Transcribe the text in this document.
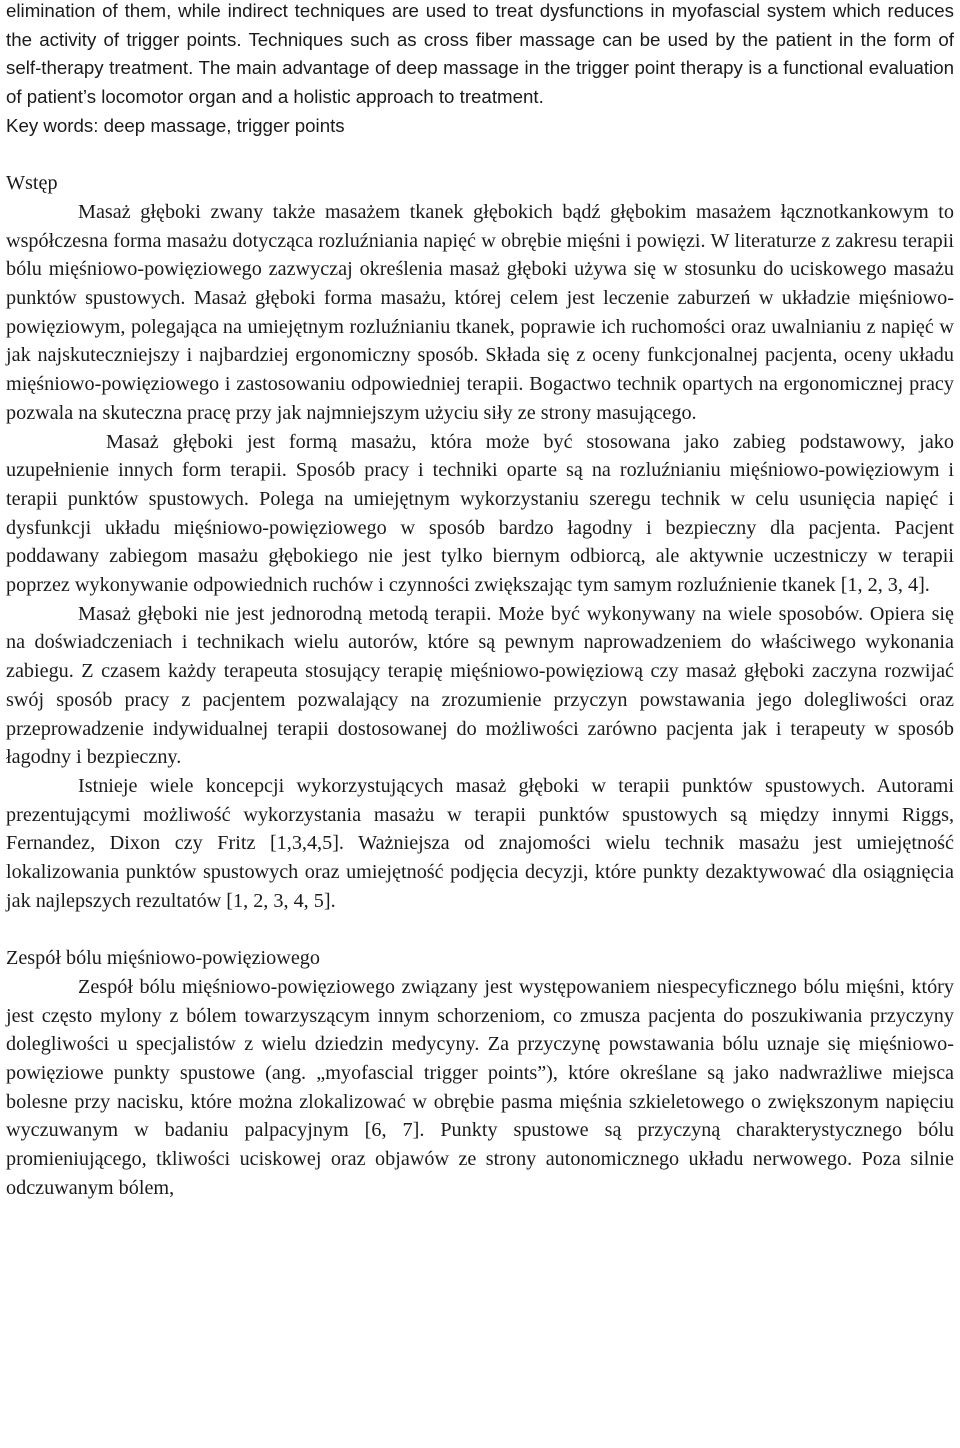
elimination of them, while indirect techniques are used to treat dysfunctions in myofascial system which reduces the activity of trigger points. Techniques such as cross fiber massage can be used by the patient in the form of self-therapy treatment. The main advantage of deep massage in the trigger point therapy is a functional evaluation of patient’s locomotor organ and a holistic approach to treatment.

Key words: deep massage, trigger points

Wstęp

Masaż głęboki zwany także masażem tkanek głębokich bądź głębokim masażem łącznotkankowym to współczesna forma masażu dotycząca rozluźniania napięć w obrębie mięśni i powięzi. W literaturze z zakresu terapii bólu mięśniowo-powięziowego zazwyczaj określenia masaż głęboki używa się w stosunku do uciskowego masażu punktów spustowych. Masaż głęboki forma masażu, której celem jest leczenie zaburzeń w układzie mięśniowo-powięziowym, polegająca na umiejętnym rozluźnianiu tkanek, poprawie ich ruchomości oraz uwalnianiu z napięć w jak najskuteczniejszy i najbardziej ergonomiczny sposób. Składa się z oceny funkcjonalnej pacjenta, oceny układu mięśniowo-powięziowego i zastosowaniu odpowiedniej terapii. Bogactwo technik opartych na ergonomicznej pracy pozwala na skuteczna pracę przy jak najmniejszym użyciu siły ze strony masującego.

Masaż głęboki jest formą masażu, która może być stosowana jako zabieg podstawowy, jako uzupełnienie innych form terapii. Sposób pracy i techniki oparte są na rozluźnianiu mięśniowo-powięziowym i terapii punktów spustowych. Polega na umiejętnym wykorzystaniu szeregu technik w celu usunięcia napięć i dysfunkcji układu mięśniowo-powięziowego w sposób bardzo łagodny i bezpieczny dla pacjenta. Pacjent poddawany zabiegom masażu głębokiego nie jest tylko biernym odbiorcą, ale aktywnie uczestniczy w terapii poprzez wykonywanie odpowiednich ruchów i czynności zwiększając tym samym rozluźnienie tkanek [1, 2, 3, 4].

Masaż głęboki nie jest jednorodną metodą terapii. Może być wykonywany na wiele sposobów. Opiera się na doświadczeniach i technikach wielu autorów, które są pewnym naprowadzeniem do właściwego wykonania zabiegu. Z czasem każdy terapeuta stosujący terapię mięśniowo-powięziową czy masaż głęboki zaczyna rozwijać swój sposób pracy z pacjentem pozwalający na zrozumienie przyczyn powstawania jego dolegliwości oraz przeprowadzenie indywidualnej terapii dostosowanej do możliwości zarówno pacjenta jak i terapeuty w sposób łagodny i bezpieczny.

Istnieje wiele koncepcji wykorzystujących masaż głęboki w terapii punktów spustowych. Autorami prezentującymi możliwość wykorzystania masażu w terapii punktów spustowych są między innymi Riggs, Fernandez, Dixon czy Fritz [1,3,4,5]. Ważniejsza od znajomości wielu technik masażu jest umiejętność lokalizowania punktów spustowych oraz umiejętność podjęcia decyzji, które punkty dezaktywować dla osiągnięcia jak najlepszych rezultatów [1, 2, 3, 4, 5].

Zespół bólu mięśniowo-powięziowego

Zespół bólu mięśniowo-powięziowego związany jest występowaniem niespecyficznego bólu mięśni, który jest często mylony z bólem towarzyszącym innym schorzeniom, co zmusza pacjenta do poszukiwania przyczyny dolegliwości u specjalistów z wielu dziedzin medycyny. Za przyczynę powstawania bólu uznaje się mięśniowo-powięziowe punkty spustowe (ang. „myofascial trigger points”), które określane są jako nadwrażliwe miejsca bolesne przy nacisku, które można zlokalizować w obrębie pasma mięśnia szkieletowego o zwiększonym napięciu wyczuwanym w badaniu palpacyjnym [6, 7]. Punkty spustowe są przyczyną charakterystycznego bólu promieniującego, tkliwości uciskowej oraz objawów ze strony autonomicznego układu nerwowego. Poza silnie odczuwanym bólem,
